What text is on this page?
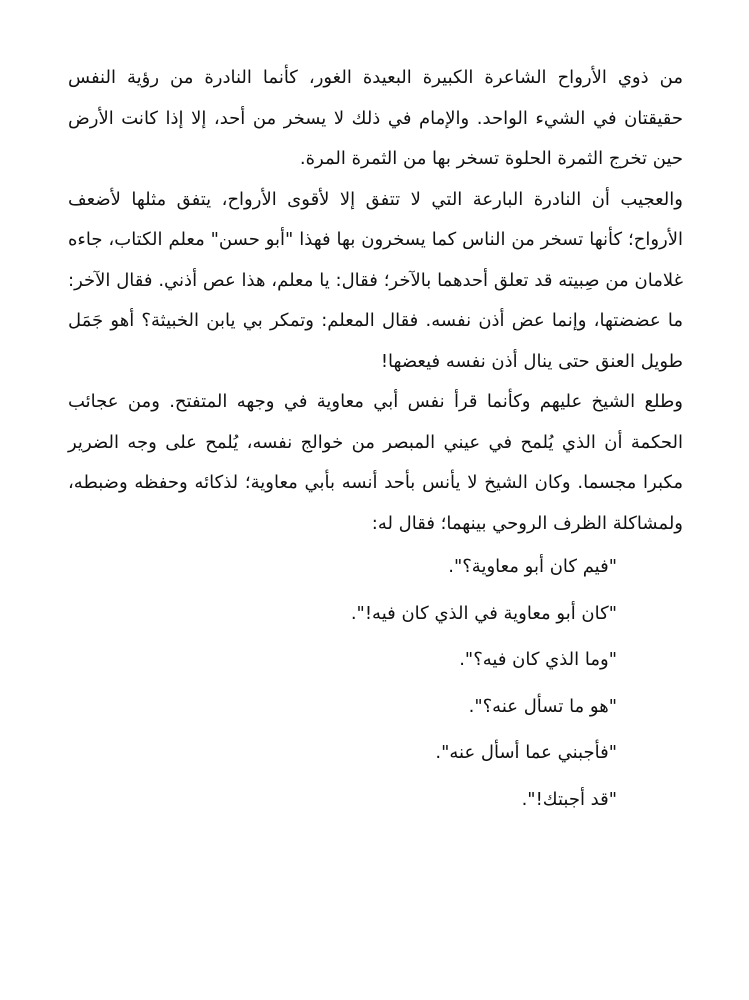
من ذوي الأرواح الشاعرة الكبيرة البعيدة الغور، كأنما النادرة من رؤية النفس حقيقتان في الشيء الواحد. والإمام في ذلك لا يسخر من أحد، إلا إذا كانت الأرض حين تخرج الثمرة الحلوة تسخر بها من الثمرة المرة.

والعجيب أن النادرة البارعة التي لا تتفق إلا لأقوى الأرواح، يتفق مثلها لأضعف الأرواح؛ كأنها تسخر من الناس كما يسخرون بها فهذا "أبو حسن" معلم الكتاب، جاءه غلامان من صِبيته قد تعلق أحدهما بالآخر؛ فقال: يا معلم، هذا عص أذني. فقال الآخر: ما عضضتها، وإنما عض أذن نفسه. فقال المعلم: وتمكر بي يابن الخبيثة؟ أهو جَمَل طويل العنق حتى ينال أذن نفسه فيعضها!

وطلع الشيخ عليهم وكأنما قرأ نفس أبي معاوية في وجهه المتفتح. ومن عجائب الحكمة أن الذي يُلمح في عيني المبصر من خوالج نفسه، يُلمح على وجه الضرير مكبرا مجسما. وكان الشيخ لا يأنس بأحد أنسه بأبي معاوية؛ لذكائه وحفظه وضبطه، ولمشاكلة الظرف الروحي بينهما؛ فقال له:

"فيم كان أبو معاوية؟".
"كان أبو معاوية في الذي كان فيه!".
"وما الذي كان فيه؟".
"هو ما تسأل عنه؟".
"فأجبني عما أسأل عنه".
"قد أجبتك!".
